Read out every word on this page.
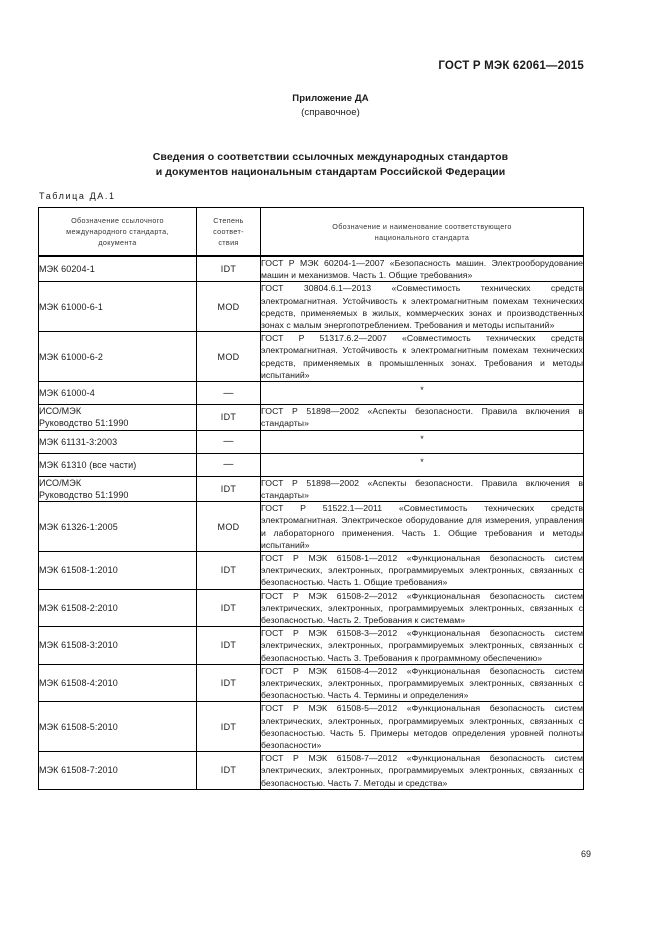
ГОСТ Р МЭК 62061—2015
Приложение ДА
(справочное)
Сведения о соответствии ссылочных международных стандартов
и документов национальным стандартам Российской Федерации
Таблица ДА.1
Обозначение ссылочного
международного стандарта,
документа	Степень
соответ-
ствия	Обозначение и наименование соответствующего
национального стандарта
МЭК 60204-1	IDT	ГОСТ Р МЭК 60204-1—2007 «Безопасность машин. Электрооборудование машин и механизмов. Часть 1. Общие требования»
МЭК 61000-6-1	MOD	ГОСТ 30804.6.1—2013 «Совместимость технических средств электромагнитная. Устойчивость к электромагнитным помехам технических средств, применяемых в жилых, коммерческих зонах и производственных зонах с малым энергопотреблением. Требования и методы испытаний»
МЭК 61000-6-2	MOD	ГОСТ Р 51317.6.2—2007 «Совместимость технических средств электромагнитная. Устойчивость к электромагнитным помехам технических средств, применяемых в промышленных зонах. Требования и методы испытаний»
МЭК 61000-4	—	*
ИСО/МЭК
Руководство 51:1990	IDT	ГОСТ Р 51898—2002 «Аспекты безопасности. Правила включения в стандарты»
МЭК 61131-3:2003	—	*
МЭК 61310 (все части)	—	*
ИСО/МЭК
Руководство 51:1990	IDT	ГОСТ Р 51898—2002 «Аспекты безопасности. Правила включения в стандарты»
МЭК 61326-1:2005	MOD	ГОСТ Р 51522.1—2011 «Совместимость технических средств электромагнитная. Электрическое оборудование для измерения, управления и лабораторного применения. Часть 1. Общие требования и методы испытаний»
МЭК 61508-1:2010	IDT	ГОСТ Р МЭК 61508-1—2012 «Функциональная безопасность систем электрических, электронных, программируемых электронных, связанных с безопасностью. Часть 1. Общие требования»
МЭК 61508-2:2010	IDT	ГОСТ Р МЭК 61508-2—2012 «Функциональная безопасность систем электрических, электронных, программируемых электронных, связанных с безопасностью. Часть 2. Требования к системам»
МЭК 61508-3:2010	IDT	ГОСТ Р МЭК 61508-3—2012 «Функциональная безопасность систем электрических, электронных, программируемых электронных, связанных с безопасностью. Часть 3. Требования к программному обеспечению»
МЭК 61508-4:2010	IDT	ГОСТ Р МЭК 61508-4—2012 «Функциональная безопасность систем электрических, электронных, программируемых электронных, связанных с безопасностью. Часть 4. Термины и определения»
МЭК 61508-5:2010	IDT	ГОСТ Р МЭК 61508-5—2012 «Функциональная безопасность систем электрических, электронных, программируемых электронных, связанных с безопасностью. Часть 5. Примеры методов определения уровней полноты безопасности»
МЭК 61508-7:2010	IDT	ГОСТ Р МЭК 61508-7—2012 «Функциональная безопасность систем электрических, электронных, программируемых электронных, связанных с безопасностью. Часть 7. Методы и средства»
69
